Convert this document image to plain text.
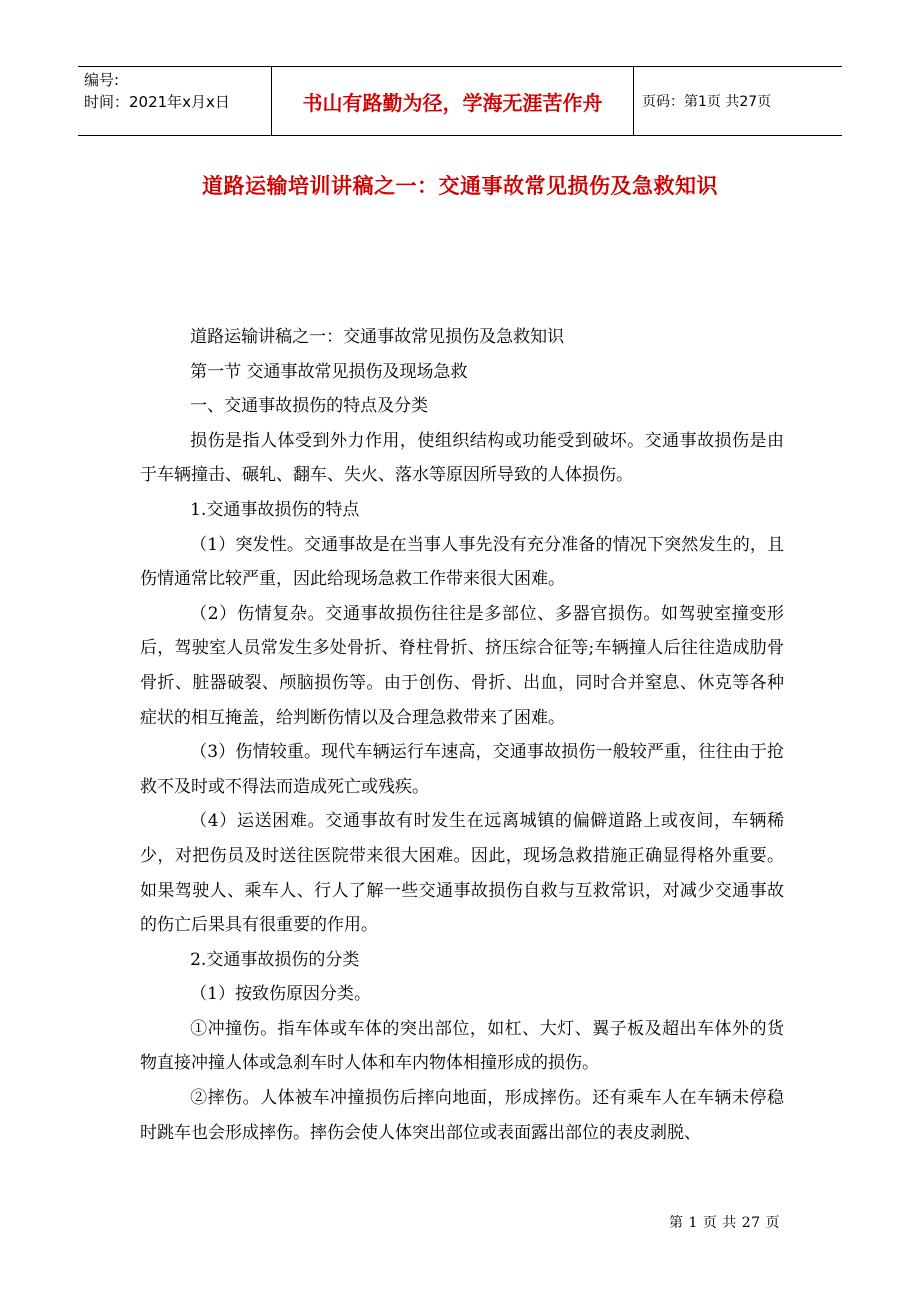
编号:
时间：2021年x月x日	书山有路勤为径，学海无涯苦作舟	页码：第1页 共27页
道路运输培训讲稿之一：交通事故常见损伤及急救知识

道路运输讲稿之一：交通事故常见损伤及急救知识

第一节 交通事故常见损伤及现场急救

一、交通事故损伤的特点及分类

损伤是指人体受到外力作用，使组织结构或功能受到破坏。交通事故损伤是由于车辆撞击、碾轧、翻车、失火、落水等原因所导致的人体损伤。

1.交通事故损伤的特点

（1）突发性。交通事故是在当事人事先没有充分准备的情况下突然发生的，且伤情通常比较严重，因此给现场急救工作带来很大困难。

（2）伤情复杂。交通事故损伤往往是多部位、多器官损伤。如驾驶室撞变形后，驾驶室人员常发生多处骨折、脊柱骨折、挤压综合征等;车辆撞人后往往造成肋骨骨折、脏器破裂、颅脑损伤等。由于创伤、骨折、出血，同时合并窒息、休克等各种症状的相互掩盖，给判断伤情以及合理急救带来了困难。

（3）伤情较重。现代车辆运行车速高，交通事故损伤一般较严重，往往由于抢救不及时或不得法而造成死亡或残疾。

（4）运送困难。交通事故有时发生在远离城镇的偏僻道路上或夜间，车辆稀少，对把伤员及时送往医院带来很大困难。因此，现场急救措施正确显得格外重要。如果驾驶人、乘车人、行人了解一些交通事故损伤自救与互救常识，对减少交通事故的伤亡后果具有很重要的作用。

2.交通事故损伤的分类

（1）按致伤原因分类。

①冲撞伤。指车体或车体的突出部位，如杠、大灯、翼子板及超出车体外的货物直接冲撞人体或急刹车时人体和车内物体相撞形成的损伤。

②摔伤。人体被车冲撞损伤后摔向地面，形成摔伤。还有乘车人在车辆未停稳时跳车也会形成摔伤。摔伤会使人体突出部位或表面露出部位的表皮剥脱、

第 1 页 共 27 页
